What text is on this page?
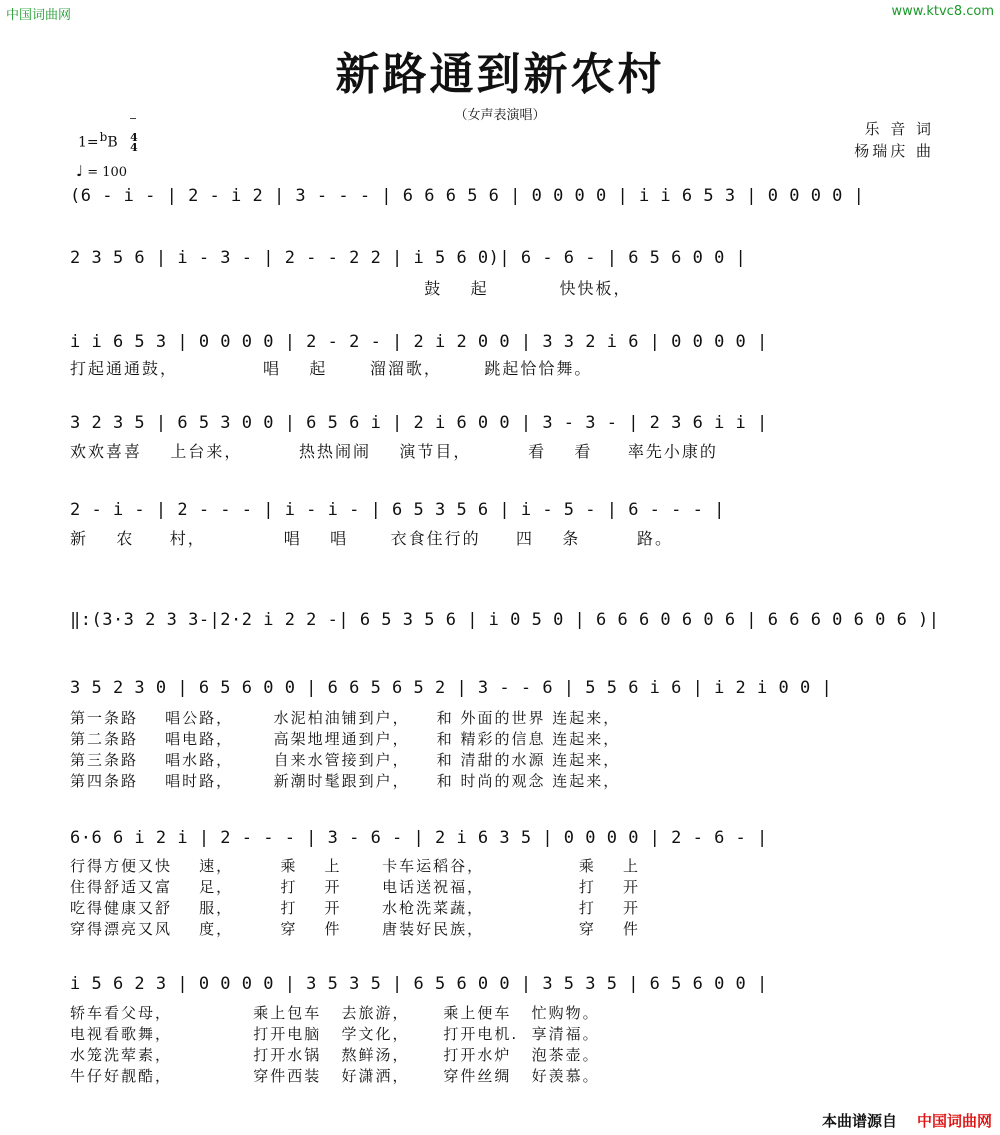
中国词曲网	www.ktvc8.com
新路通到新农村
（女声表演唱）
乐 音 词
杨瑞庆 曲
1=bB 4
4
♩ = 100
(6 - i - | 2 - i 2 | 3 - - - | 6 6 6 5 6 | 0 0 0 0 | i i 6 5 3 | 0 0 0 0 |
2 3 5 6 | i - 3 - | 2 - - 2 2 | i 5 6 0)| 6 - 6 - | 6 5 6 0 0 |
鼓    起          快快板，
i i 6 5 3 | 0 0 0 0 | 2 - 2 - | 2 i 2 0 0 | 3 3 2 i 6 | 0 0 0 0 |
打起通通鼓，            唱    起      溜溜歌，      跳起恰恰舞。
3 2 3 5 | 6 5 3 0 0 | 6 5 6 i | 2 i 6 0 0 | 3 - 3 - | 2 3 6 i i |
欢欢喜喜    上台来，        热热闹闹    演节目，        看    看     率先小康的
2 - i - | 2 - - - | i - i - | 6 5 3 5 6 | i - 5 - | 6 - - - |
新    农     村，           唱    唱      衣食住行的     四    条        路。
‖:(3·3 2 3 3-|2·2 i 2 2 -| 6 5 3 5 6 | i 0 5 0 | 6 6 6 0 6 0 6 | 6 6 6 0 6 0 6 )|
3 5 2 3 0 | 6 5 6 0 0 | 6 6 5 6 5 2 | 3 - - 6 | 5 5 6 i 6 | i 2 i 0 0 |
第一条路    唱公路，      水泥柏油铺到户，    和 外面的世界 连起来，
第二条路    唱电路，      高架地埋通到户，    和 精彩的信息 连起来，
第三条路    唱水路，      自来水管接到户，    和 清甜的水源 连起来，
第四条路    唱时路，      新潮时髦跟到户，    和 时尚的观念 连起来，
6·6 6 i 2 i | 2 - - - | 3 - 6 - | 2 i 6 3 5 | 0 0 0 0 | 2 - 6 - |
行得方便又快    速，       乘    上      卡车运稻谷，              乘    上
住得舒适又富    足，       打    开      电话送祝福，              打    开
吃得健康又舒    服，       打    开      水枪洗菜蔬，              打    开
穿得漂亮又风    度，       穿    件      唐装好民族，              穿    件
i 5 6 2 3 | 0 0 0 0 | 3 5 3 5 | 6 5 6 0 0 | 3 5 3 5 | 6 5 6 0 0 |
轿车看父母，            乘上包车   去旅游，     乘上便车   忙购物。
电视看歌舞，            打开电脑   学文化，     打开电机.  享清福。
水笼洗荤素，            打开水锅   熬鲜汤，     打开水炉   泡茶壶。
牛仔好靓酷，            穿件西装   好潇洒，     穿件丝绸   好羡慕。
本曲谱源自 中国词曲网
